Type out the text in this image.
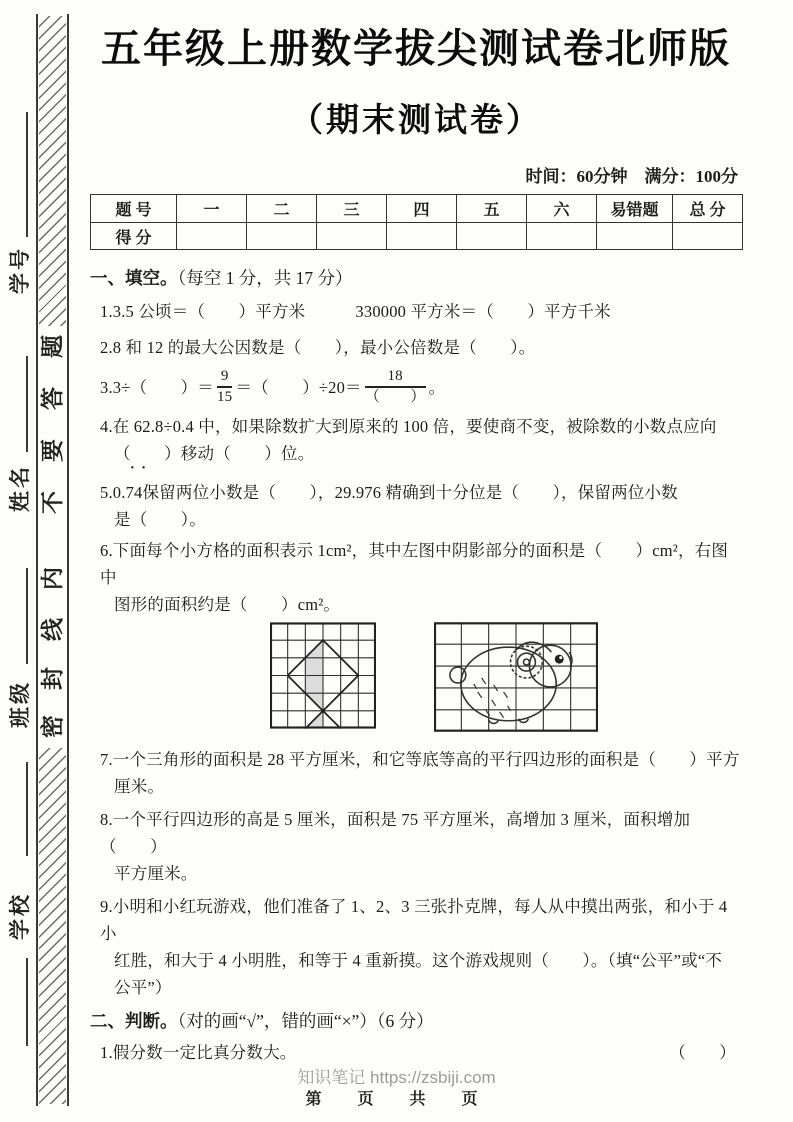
学号
姓名
班级
学校
题
答
要
不
内
线
封
密
五年级上册数学拔尖测试卷北师版
（期末测试卷）
时间：60分钟　满分：100分
题 号	一	二	三	四	五	六	易错题	总 分
得 分								
一、填空。（每空 1 分，共 17 分）
1.3.5 公顷＝（　　）平方米　　　330000 平方米＝（　　）平方千米
2.8 和 12 的最大公因数是（　　），最小公倍数是（　　）。
3.3÷（　　）＝ $\frac{9}{15}$ ＝（　　）$\div 20= \frac{18}{( )}$ 。
4.在 62.8÷0.4 中，如果除数扩大到原来的 100 倍，要使商不变，被除数的小数点应向
（　　）移动（　　）位。
5.0.
˙˙
74保留两位小数是（　　），29.976 精确到十分位是（　　），保留两位小数
是（　　）。
6.下面每个小方格的面积表示 1cm²，其中左图中阴影部分的面积是（　　）cm²，右图中
图形的面积约是（　　）cm²。
7.一个三角形的面积是 28 平方厘米，和它等底等高的平行四边形的面积是（　　）平方
厘米。
8.一个平行四边形的高是 5 厘米，面积是 75 平方厘米，高增加 3 厘米，面积增加（　　）
平方厘米。
9.小明和小红玩游戏，他们准备了 1、2、3 三张扑克牌，每人从中摸出两张，和小于 4 小
红胜，和大于 4 小明胜，和等于 4 重新摸。这个游戏规则（　　）。（填“公平”或“不
公平”）
二、判断。（对的画“√”，错的画“×”）（6 分）
1.假分数一定比真分数大。	（　　）
知识笔记 https://zsbiji.com
第　页　共　页
